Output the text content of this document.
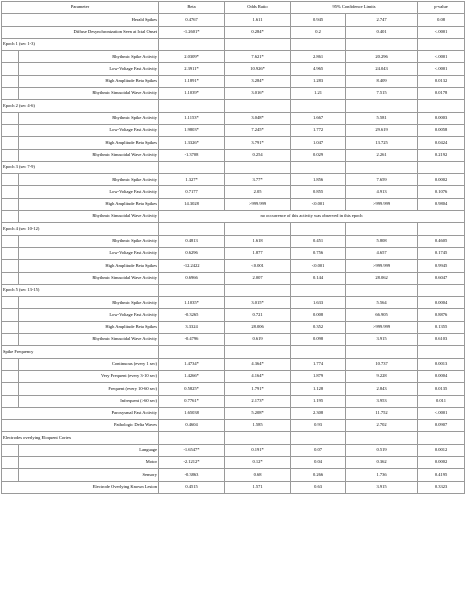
Parameter		Beta	Odds Ratio	95% Confidence Limits		p-value
Herald Spikes		0.4767	1.611	0.945	2.747	0.08
Diffuse Desynchronization Seen at Ictal Onset		-1.2601*	0.284*	0.2	0.401	<.0001
Epoch 1 (sec 1-3)						
	Rhythmic Spike Activity	2.0309*	7.621*	2.861	20.296	<.0001
	Low-Voltage Fast Activity	2.3911*	10.926*	4.965	24.043	<.0001
	High Amplitude Beta Spikes	1.1891*	3.284*	1.283	8.409	0.0132
	Rhythmic Sinusoidal Wave Activity	1.1039*	3.016*	1.21	7.515	0.0178
Epoch 2 (sec 4-6)						
	Rhythmic Spike Activity	1.1153*	3.048*	1.667	5.581	0.0003
	Low-Voltage Fast Activity	1.9803*	7.245*	1.772	29.619	0.0058
	High Amplitude Beta Spikes	1.3326*	3.791*	1.047	13.725	0.0424
	Rhythmic Sinusoidal Wave Activity	-1.3708	0.254	0.029	2.261	0.2192
Epoch 3 (sec 7-9)						
	Rhythmic Spike Activity	1.327*	3.77*	1.856	7.659	0.0002
	Low-Voltage Fast Activity	0.7177	2.05	0.855	4.913	0.1076
	High Amplitude Beta Spikes	14.3028	>999.999	<0.001	>999.999	0.9804
	Rhythmic Sinusoidal Wave Activity	no occurrence of this activity was observed in this epoch				
Epoch 4 (sec 10-12)						
	Rhythmic Spike Activity	0.4813	1.618	0.451	5.808	0.4605
	Low-Voltage Fast Activity	0.6296	1.877	0.756	4.657	0.1745
	High Amplitude Beta Spikes	-12.2422	<0.001	<0.001	>999.999	0.9945
	Rhythmic Sinusoidal Wave Activity	0.6966	2.007	0.144	28.062	0.6047
Epoch 5 (sec 13-15)						
	Rhythmic Spike Activity	1.1035*	3.015*	1.633	5.564	0.0004
	Low-Voltage Fast Activity	-0.3265	0.721	0.008	66.905	0.8876
	High Amplitude Beta Spikes	3.3324	28.006	0.352	>999.999	0.1355
	Rhythmic Sinusoidal Wave Activity	-0.4796	0.619	0.098	3.915	0.6103
Spike Frequency						
	Continuous (every 1 sec)	1.4734*	4.364*	1.774	10.737	0.0013
	Very Frequent (every 3-10 sec)	1.4266*	4.164*	1.879	9.228	0.0004
	Frequent (every 10-60 sec)	0.5825*	1.791*	1.128	2.843	0.0135
	Infrequent (>60 sec)	0.7761*	2.173*	1.195	3.953	0.011
Paroxysmal Fast Activity		1.65038	5.208*	2.308	11.752	<.0001
Pathologic Delta Waves		0.4604	1.585	0.93	2.702	0.0907
Electrodes overlying Eloquent Cortex						
	Language	-1.6547*	0.191*	0.07	0.519	0.0012
	Motor	-2.1212*	0.12*	0.04	0.362	0.0002
	Sensory	-0.3863	0.68	0.266	1.736	0.4195
Electrode Overlying Known Lesion		0.4515	1.571	0.63	3.915	0.3323
